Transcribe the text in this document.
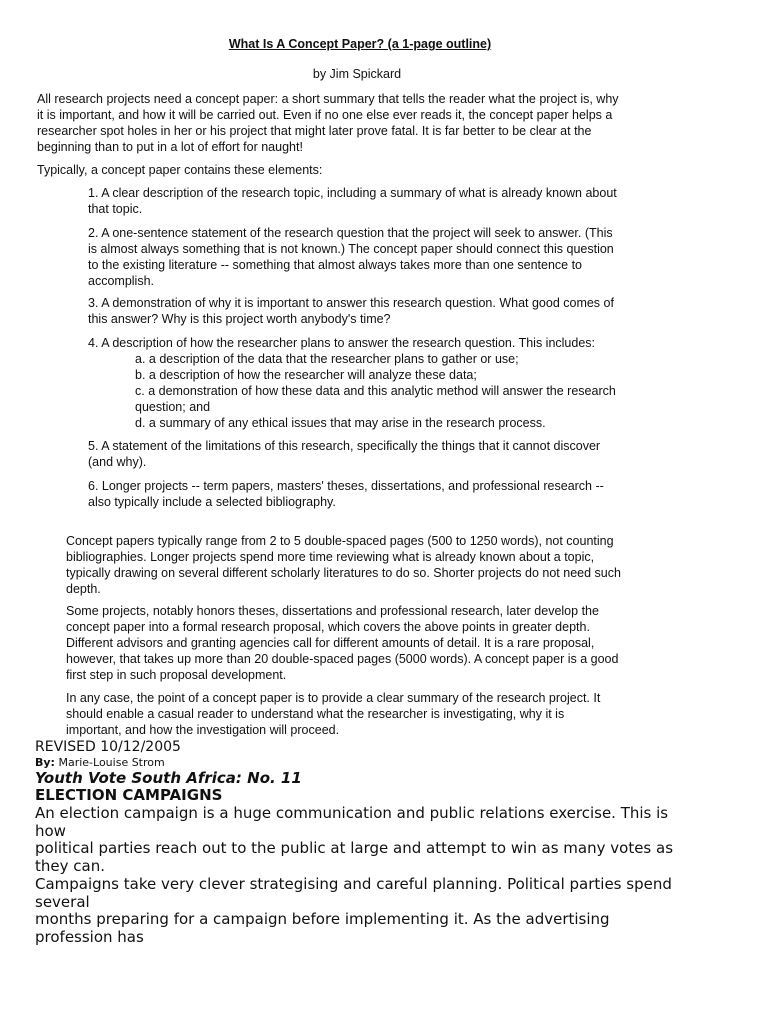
What Is A Concept Paper? (a 1-page outline)

by Jim Spickard

All research projects need a concept paper: a short summary that tells the reader what the project is, why
it is important, and how it will be carried out. Even if no one else ever reads it, the concept paper helps a
researcher spot holes in her or his project that might later prove fatal. It is far better to be clear at the
beginning than to put in a lot of effort for naught!

Typically, a concept paper contains these elements:

1. A clear description of the research topic, including a summary of what is already known about
that topic.
2. A one-sentence statement of the research question that the project will seek to answer. (This
is almost always something that is not known.) The concept paper should connect this question
to the existing literature -- something that almost always takes more than one sentence to
accomplish.
3. A demonstration of why it is important to answer this research question. What good comes of
this answer? Why is this project worth anybody's time?
4. A description of how the researcher plans to answer the research question. This includes:
a. a description of the data that the researcher plans to gather or use;
b. a description of how the researcher will analyze these data;
c. a demonstration of how these data and this analytic method will answer the research
question; and
d. a summary of any ethical issues that may arise in the research process.
5. A statement of the limitations of this research, specifically the things that it cannot discover
(and why).
6. Longer projects -- term papers, masters' theses, dissertations, and professional research --
also typically include a selected bibliography.
Concept papers typically range from 2 to 5 double-spaced pages (500 to 1250 words), not counting
bibliographies. Longer projects spend more time reviewing what is already known about a topic,
typically drawing on several different scholarly literatures to do so. Shorter projects do not need such
depth.
Some projects, notably honors theses, dissertations and professional research, later develop the
concept paper into a formal research proposal, which covers the above points in greater depth.
Different advisors and granting agencies call for different amounts of detail. It is a rare proposal,
however, that takes up more than 20 double-spaced pages (5000 words). A concept paper is a good
first step in such proposal development.
In any case, the point of a concept paper is to provide a clear summary of the research project. It
should enable a casual reader to understand what the researcher is investigating, why it is
important, and how the investigation will proceed.

REVISED 10/12/2005

By: Marie-Louise Strom

Youth Vote South Africa: No. 11

ELECTION CAMPAIGNS

An election campaign is a huge communication and public relations exercise. This is
how
political parties reach out to the public at large and attempt to win as many votes as
they can.
Campaigns take very clever strategising and careful planning. Political parties spend
several
months preparing for a campaign before implementing it. As the advertising
profession has
